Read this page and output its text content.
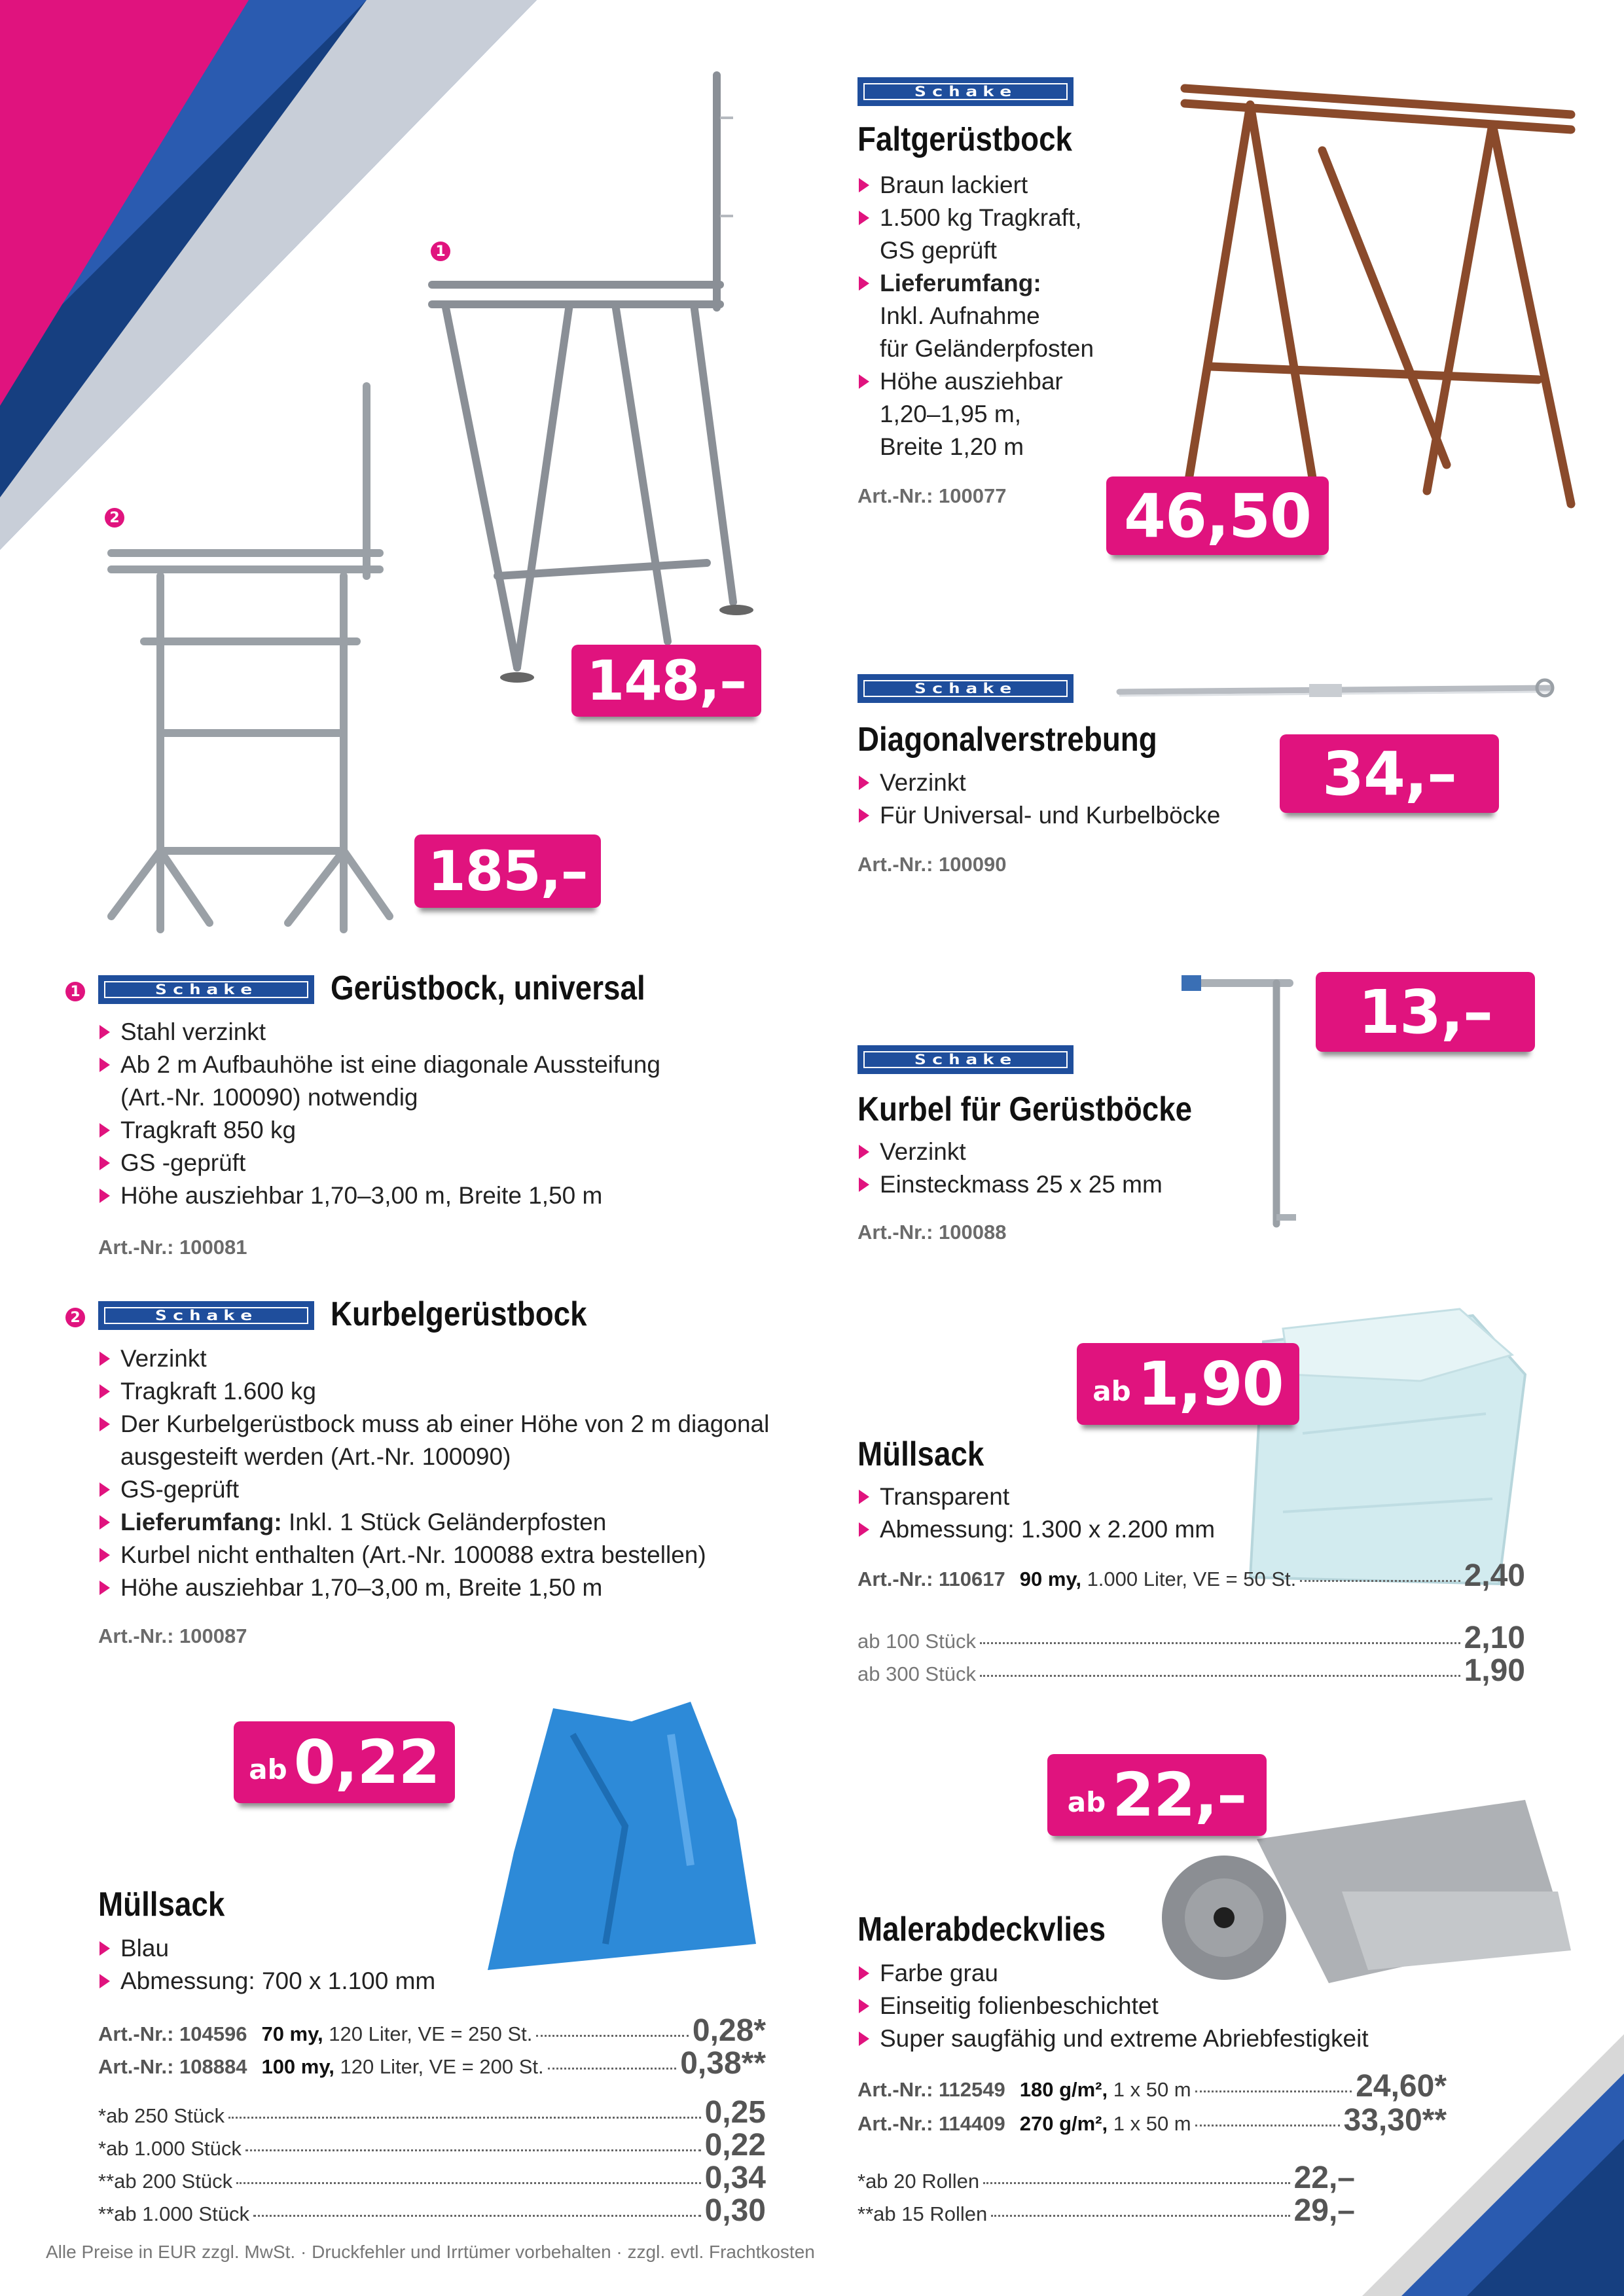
Schake
Faltgerüstbock
Braun lackiert
1.500 kg Tragkraft,
GS geprüft
Lieferumfang:
Inkl. Aufnahme
für Geländerpfosten
Höhe ausziehbar
1,20–1,95 m,
Breite 1,20 m
Art.-Nr.: 100077 46,50
Schake
Diagonalverstrebung
Verzinkt
Für Universal- und Kurbelböcke
Art.-Nr.: 100090
34,–
148,–
185,–
1
2
1	Schake Gerüstbock, universal
Stahl verzinkt
Ab 2 m Aufbauhöhe ist eine diagonale Aussteifung
(Art.-Nr. 100090) notwendig
Tragkraft 850 kg
GS -geprüft
Höhe ausziehbar 1,70–3,00 m, Breite 1,50 m
Art.-Nr.: 100081
2	Schake Kurbelgerüstbock
Verzinkt
Tragkraft 1.600 kg
Der Kurbelgerüstbock muss ab einer Höhe von 2 m diagonal
ausgesteift werden (Art.-Nr. 100090)
GS-geprüft
Lieferumfang: Inkl. 1 Stück Geländerpfosten
Kurbel nicht enthalten (Art.-Nr. 100088 extra bestellen)
Höhe ausziehbar 1,70–3,00 m, Breite 1,50 m
Art.-Nr.: 100087
13,–
Schake
Kurbel für Gerüstböcke
Verzinkt
Einsteckmass 25 x 25 mm
Art.-Nr.: 100088
ab 1,90
Müllsack
Transparent
Abmessung: 1.300 x 2.200 mm
Art.-Nr.: 110617 90 my, 1.000 Liter, VE = 50 St.	2,40
ab 100 Stück	2,10
ab 300 Stück	1,90
ab 0,22
Müllsack
Blau
Abmessung: 700 x 1.100 mm
Art.-Nr.: 104596 70 my, 120 Liter, VE = 250 St.	0,28*
Art.-Nr.: 108884 100 my, 120 Liter, VE = 200 St.	0,38**
*ab 250 Stück	0,25
*ab 1.000 Stück	0,22
**ab 200 Stück	0,34
**ab 1.000 Stück	0,30
ab 22,–
Malerabdeckvlies
Farbe grau
Einseitig folienbeschichtet
Super saugfähig und extreme Abriebfestigkeit
Art.-Nr.: 112549 180 g/m², 1 x 50 m	24,60*
Art.-Nr.: 114409 270 g/m², 1 x 50 m	33,30**
*ab 20 Rollen	22,–
**ab 15 Rollen	29,–
Alle Preise in EUR zzgl. MwSt. · Druckfehler und Irrtümer vorbehalten · zzgl. evtl. Frachtkosten
